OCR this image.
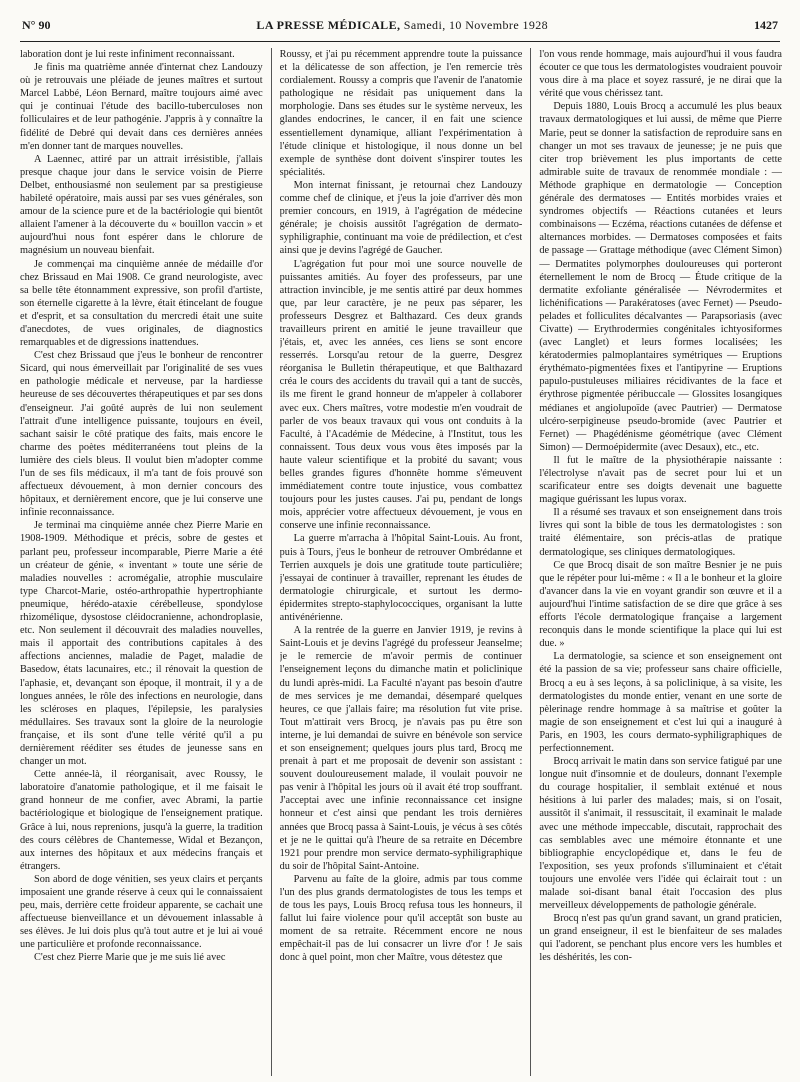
N° 90	LA PRESSE MÉDICALE, Samedi, 10 Novembre 1928	1427

laboration dont je lui reste infiniment reconnaissant.

Je finis ma quatrième année d'internat chez Landouzy où je retrouvais une pléiade de jeunes maîtres et surtout Marcel Labbé, Léon Bernard, maître toujours aimé avec qui je continuai l'étude des bacillo-tuberculoses non folliculaires et de leur pathogénie. J'appris à y connaître la fidélité de Debré qui devait dans ces dernières années m'en donner tant de marques nouvelles.

A Laennec, attiré par un attrait irrésistible, j'allais presque chaque jour dans le service voisin de Pierre Delbet, enthousiasmé non seulement par sa prestigieuse habileté opératoire, mais aussi par ses vues générales, son amour de la science pure et de la bactériologie qui bientôt allaient l'amener à la découverte du « bouillon vaccin » et aujourd'hui nous font espérer dans le chlorure de magnésium un nouveau bienfait.

Je commençai ma cinquième année de médaille d'or chez Brissaud en Mai 1908. Ce grand neurologiste, avec sa belle tête étonnamment expressive, son profil d'artiste, son éternelle cigarette à la lèvre, était étincelant de fougue et d'esprit, et sa consultation du mercredi était une suite d'anecdotes, de vues originales, de diagnostics remarquables et de digressions inattendues.

C'est chez Brissaud que j'eus le bonheur de rencontrer Sicard, qui nous émerveillait par l'originalité de ses vues en pathologie médicale et nerveuse, par la hardiesse heureuse de ses découvertes thérapeutiques et par ses dons d'enseigneur. J'ai goûté auprès de lui non seulement l'attrait d'une intelligence puissante, toujours en éveil, sachant saisir le côté pratique des faits, mais encore le charme des poètes méditerranéens tout pleins de la lumière des ciels bleus. Il voulut bien m'adopter comme l'un de ses fils médicaux, il m'a tant de fois prouvé son affectueux dévouement, à mon dernier concours des hôpitaux, et dernièrement encore, que je lui conserve une infinie reconnaissance.

Je terminai ma cinquième année chez Pierre Marie en 1908-1909. Méthodique et précis, sobre de gestes et parlant peu, professeur incomparable, Pierre Marie a été un créateur de génie, « inventant » toute une série de maladies nouvelles : acromégalie, atrophie musculaire type Charcot-Marie, ostéo-arthropathie hypertrophiante pneumique, hérédo-ataxie cérébelleuse, spondylose rhizomélique, dysostose cléidocranienne, achondroplasie, etc. Non seulement il découvrait des maladies nouvelles, mais il apportait des contributions capitales à des affections anciennes, maladie de Paget, maladie de Basedow, états lacunaires, etc.; il rénovait la question de l'aphasie, et, devançant son époque, il montrait, il y a de longues années, le rôle des infections en neurologie, dans les scléroses en plaques, l'épilepsie, les paralysies médullaires. Ses travaux sont la gloire de la neurologie française, et ils sont d'une telle vérité qu'il a pu dernièrement rééditer ses études de jeunesse sans en changer un mot.

Cette année-là, il réorganisait, avec Roussy, le laboratoire d'anatomie pathologique, et il me faisait le grand honneur de me confier, avec Abrami, la partie bactériologique et biologique de l'enseignement pratique. Grâce à lui, nous reprenions, jusqu'à la guerre, la tradition des cours célèbres de Chantemesse, Widal et Bezançon, aux internes des hôpitaux et aux médecins français et étrangers.

Son abord de doge vénitien, ses yeux clairs et perçants imposaient une grande réserve à ceux qui le connaissaient peu, mais, derrière cette froideur apparente, se cachait une affectueuse bienveillance et un dévouement inlassable à ses élèves. Je lui dois plus qu'à tout autre et je lui ai voué une particulière et profonde reconnaissance.

C'est chez Pierre Marie que je me suis lié avec

Roussy, et j'ai pu récemment apprendre toute la puissance et la délicatesse de son affection, je l'en remercie très cordialement. Roussy a compris que l'avenir de l'anatomie pathologique ne résidait pas uniquement dans la morphologie. Dans ses études sur le système nerveux, les glandes endocrines, le cancer, il en fait une science essentiellement dynamique, alliant l'expérimentation à l'étude clinique et histologique, il nous donne un bel exemple de synthèse dont doivent s'inspirer toutes les spécialités.

Mon internat finissant, je retournai chez Landouzy comme chef de clinique, et j'eus la joie d'arriver dès mon premier concours, en 1919, à l'agrégation de médecine générale; je choisis aussitôt l'agrégation de dermato-syphiligraphie, continuant ma voie de prédilection, et c'est ainsi que je devins l'agrégé de Gaucher.

L'agrégation fut pour moi une source nouvelle de puissantes amitiés. Au foyer des professeurs, par une attraction invincible, je me sentis attiré par deux hommes que, par leur caractère, je ne peux pas séparer, les professeurs Desgrez et Balthazard. Ces deux grands travailleurs prirent en amitié le jeune travailleur que j'étais, et, avec les années, ces liens se sont encore resserrés. Lorsqu'au retour de la guerre, Desgrez réorganisa le Bulletin thérapeutique, et que Balthazard créa le cours des accidents du travail qui a tant de succès, ils me firent le grand honneur de m'appeler à collaborer avec eux. Chers maîtres, votre modestie m'en voudrait de parler de vos beaux travaux qui vous ont conduits à la Faculté, à l'Académie de Médecine, à l'Institut, tous les connaissent. Tous deux vous vous êtes imposés par la haute valeur scientifique et la probité du savant; vous belles grandes figures d'honnête homme s'émeuvent immédiatement contre toute injustice, vous combattez toujours pour les justes causes. J'ai pu, pendant de longs mois, apprécier votre affectueux dévouement, je vous en conserve une infinie reconnaissance.

La guerre m'arracha à l'hôpital Saint-Louis. Au front, puis à Tours, j'eus le bonheur de retrouver Ombrédanne et Terrien auxquels je dois une gratitude toute particulière; j'essayai de continuer à travailler, reprenant les études de dermatologie chirurgicale, et surtout les dermo-épidermites strepto-staphylococciques, organisant la lutte antivénérienne.

A la rentrée de la guerre en Janvier 1919, je revins à Saint-Louis et je devins l'agrégé du professeur Jeanselme; je le remercie de m'avoir permis de continuer l'enseignement leçons du dimanche matin et policlinique du lundi après-midi. La Faculté n'ayant pas besoin d'autre de mes services je me demandai, désemparé quelques heures, ce que j'allais faire; ma résolution fut vite prise. Tout m'attirait vers Brocq, je n'avais pas pu être son interne, je lui demandai de suivre en bénévole son service et son enseignement; quelques jours plus tard, Brocq me prenait à part et me proposait de devenir son assistant : souvent douloureusement malade, il voulait pouvoir ne pas venir à l'hôpital les jours où il avait été trop souffrant. J'acceptai avec une infinie reconnaissance cet insigne honneur et c'est ainsi que pendant les trois dernières années que Brocq passa à Saint-Louis, je vécus à ses côtés et je ne le quittai qu'à l'heure de sa retraite en Décembre 1921 pour prendre mon service dermato-syphiligraphique du soir de l'hôpital Saint-Antoine.

Parvenu au faîte de la gloire, admis par tous comme l'un des plus grands dermatologistes de tous les temps et de tous les pays, Louis Brocq refusa tous les honneurs, il fallut lui faire violence pour qu'il acceptât son buste au moment de sa retraite. Récemment encore ne nous empêchait-il pas de lui consacrer un livre d'or ! Je sais donc à quel point, mon cher Maître, vous détestez que

l'on vous rende hommage, mais aujourd'hui il vous faudra écouter ce que tous les dermatologistes voudraient pouvoir vous dire à ma place et soyez rassuré, je ne dirai que la vérité que vous chérissez tant.

Depuis 1880, Louis Brocq a accumulé les plus beaux travaux dermatologiques et lui aussi, de même que Pierre Marie, peut se donner la satisfaction de reproduire sans en changer un mot ses travaux de jeunesse; je ne puis que citer trop brièvement les plus importants de cette admirable suite de travaux de renommée mondiale : — Méthode graphique en dermatologie — Conception générale des dermatoses — Entités morbides vraies et syndromes objectifs — Réactions cutanées et leurs combinaisons — Eczéma, réactions cutanées de défense et alternances morbides. — Dermatoses composées et faits de passage — Grattage méthodique (avec Clément Simon) — Dermatites polymorphes douloureuses qui porteront éternellement le nom de Brocq — Étude critique de la dermatite exfoliante généralisée — Névrodermites et lichénifications — Parakératoses (avec Fernet) — Pseudo-pelades et folliculites décalvantes — Parapsoriasis (avec Civatte) — Erythrodermies congénitales ichtyosiformes (avec Langlet) et leurs formes localisées; les kératodermies palmoplantaires symétriques — Eruptions érythémato-pigmentées fixes et l'antipyrine — Eruptions papulo-pustuleuses miliaires récidivantes de la face et érythrose pigmentée péribuccale — Glossites losangiques médianes et angiolupoïde (avec Pautrier) — Dermatose ulcéro-serpigineuse pseudo-bromide (avec Pautrier et Fernet) — Phagédénisme géométrique (avec Clément Simon) — Dermoépidermite (avec Desaux), etc., etc.

Il fut le maître de la physiothérapie naissante : l'électrolyse n'avait pas de secret pour lui et un scarificateur entre ses doigts devenait une baguette magique guérissant les lupus vorax.

Il a résumé ses travaux et son enseignement dans trois livres qui sont la bible de tous les dermatologistes : son traité élémentaire, son précis-atlas de pratique dermatologique, ses cliniques dermatologiques.

Ce que Brocq disait de son maître Besnier je ne puis que le répéter pour lui-même : « Il a le bonheur et la gloire d'avancer dans la vie en voyant grandir son œuvre et il a aujourd'hui l'intime satisfaction de se dire que grâce à ses efforts l'école dermatologique française a largement reconquis dans le monde scientifique la place qui lui est due. »

La dermatologie, sa science et son enseignement ont été la passion de sa vie; professeur sans chaire officielle, Brocq a eu à ses leçons, à sa policlinique, à sa visite, les dermatologistes du monde entier, venant en une sorte de pèlerinage rendre hommage à sa maîtrise et goûter la magie de son enseignement et c'est lui qui a inauguré à Paris, en 1903, les cours dermato-syphiligraphiques de perfectionnement.

Brocq arrivait le matin dans son service fatigué par une longue nuit d'insomnie et de douleurs, donnant l'exemple du courage hospitalier, il semblait exténué et nous hésitions à lui parler des malades; mais, si on l'osait, aussitôt il s'animait, il ressuscitait, il examinait le malade avec une méthode impeccable, discutait, rapprochait des cas semblables avec une mémoire étonnante et une bibliographie encyclopédique et, dans le feu de l'exposition, ses yeux profonds s'illuminaient et c'était toujours une envolée vers l'idée qui éclairait tout : un malade soi-disant banal était l'occasion des plus merveilleux développements de pathologie générale.

Brocq n'est pas qu'un grand savant, un grand praticien, un grand enseigneur, il est le bienfaiteur de ses malades qui l'adorent, se penchant plus encore vers les humbles et les déshérités, les con-
